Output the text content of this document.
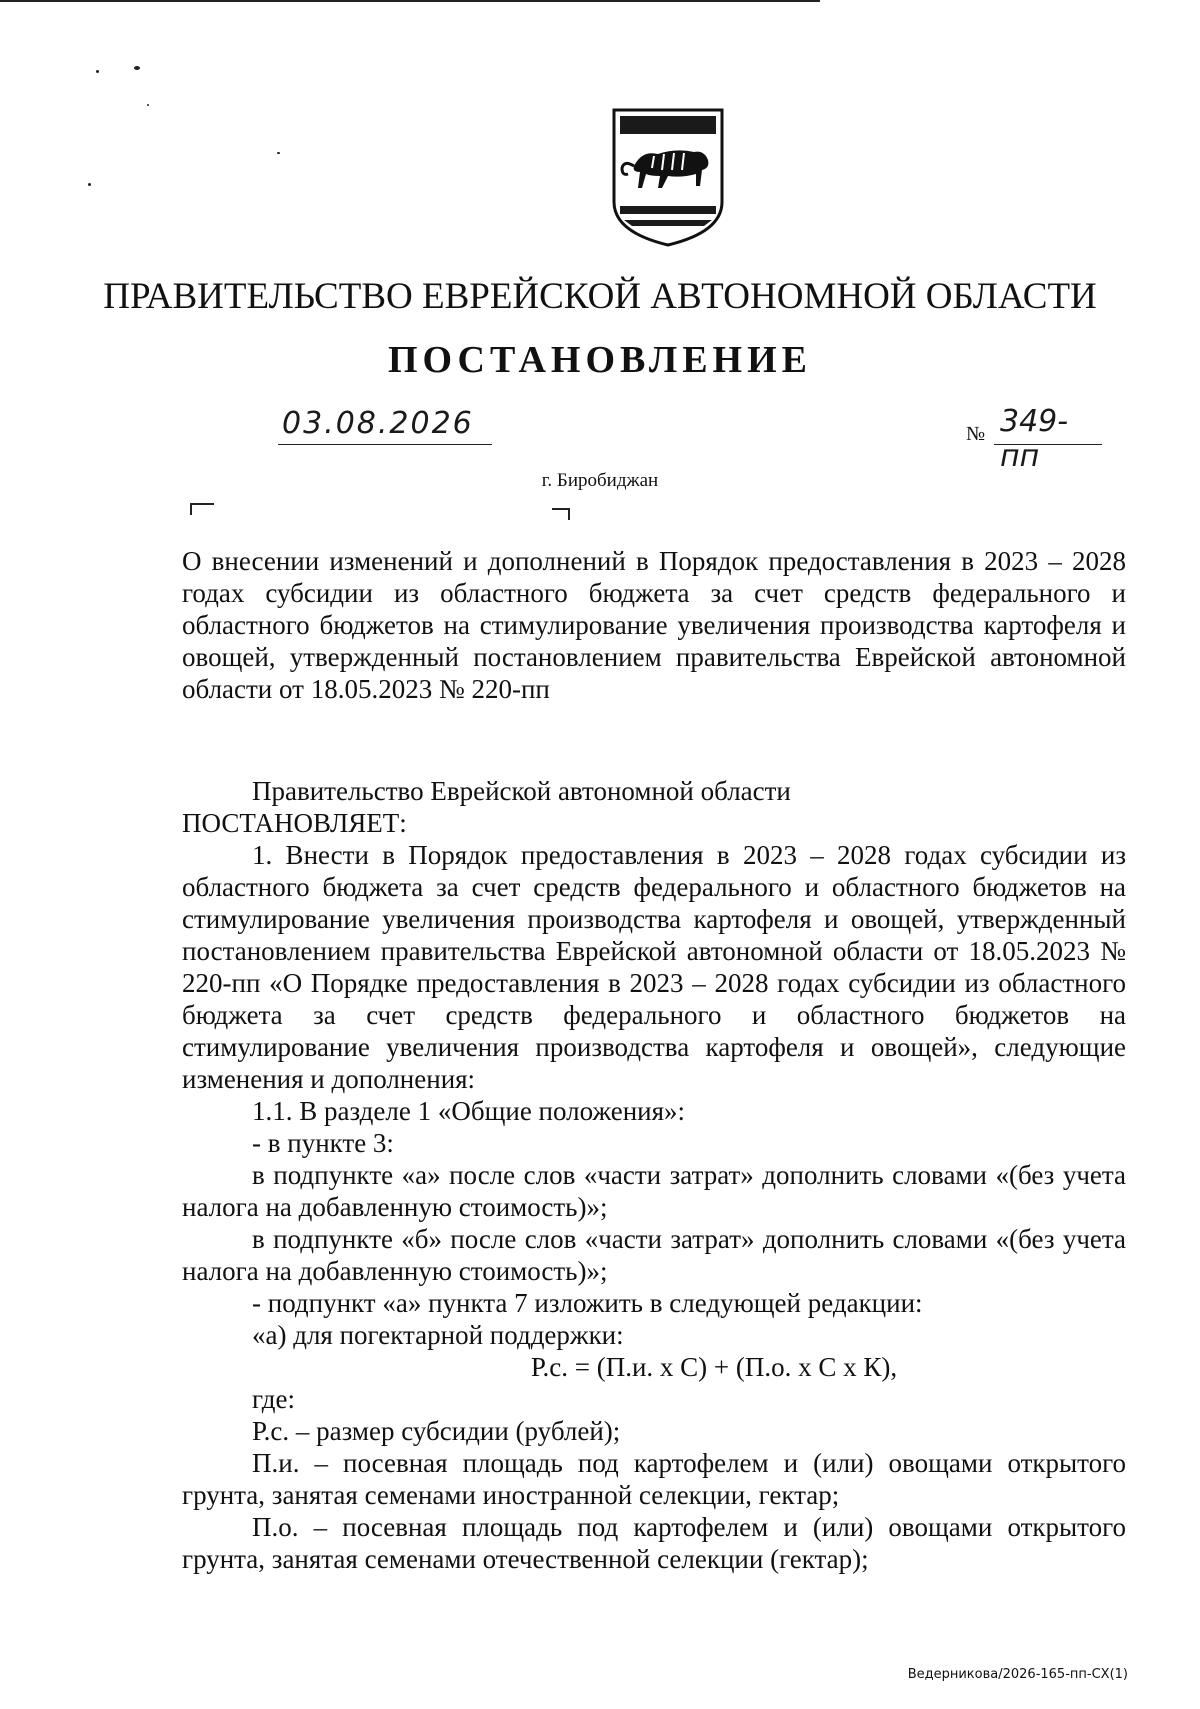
ПРАВИТЕЛЬСТВО ЕВРЕЙСКОЙ АВТОНОМНОЙ ОБЛАСТИ
ПОСТАНОВЛЕНИЕ
03.08.2026	№ 349-пп
г. Биробиджан
О внесении изменений и дополнений в Порядок предоставления в 2023 – 2028 годах субсидии из областного бюджета за счет средств федерального и областного бюджетов на стимулирование увеличения производства картофеля и овощей, утвержденный постановлением правительства Еврейской автономной области от 18.05.2023 № 220-пп

Правительство Еврейской автономной области

ПОСТАНОВЛЯЕТ:

1. Внести в Порядок предоставления в 2023 – 2028 годах субсидии из областного бюджета за счет средств федерального и областного бюджетов на стимулирование увеличения производства картофеля и овощей, утвержденный постановлением правительства Еврейской автономной области от 18.05.2023 № 220-пп «О Порядке предоставления в 2023 – 2028 годах субсидии из областного бюджета за счет средств федерального и областного бюджетов на стимулирование увеличения производства картофеля и овощей», следующие изменения и дополнения:

1.1. В разделе 1 «Общие положения»:

- в пункте 3:

в подпункте «а» после слов «части затрат» дополнить словами «(без учета налога на добавленную стоимость)»;

в подпункте «б» после слов «части затрат» дополнить словами «(без учета налога на добавленную стоимость)»;

- подпункт «а» пункта 7 изложить в следующей редакции:

«а) для погектарной поддержки:

Р.с. = (П.и. x С) + (П.о. x С x К),

где:

Р.с. – размер субсидии (рублей);

П.и. – посевная площадь под картофелем и (или) овощами открытого грунта, занятая семенами иностранной селекции, гектар;

П.о. – посевная площадь под картофелем и (или) овощами открытого грунта, занятая семенами отечественной селекции (гектар);

Ведерникова/2026-165-пп-СХ(1)
